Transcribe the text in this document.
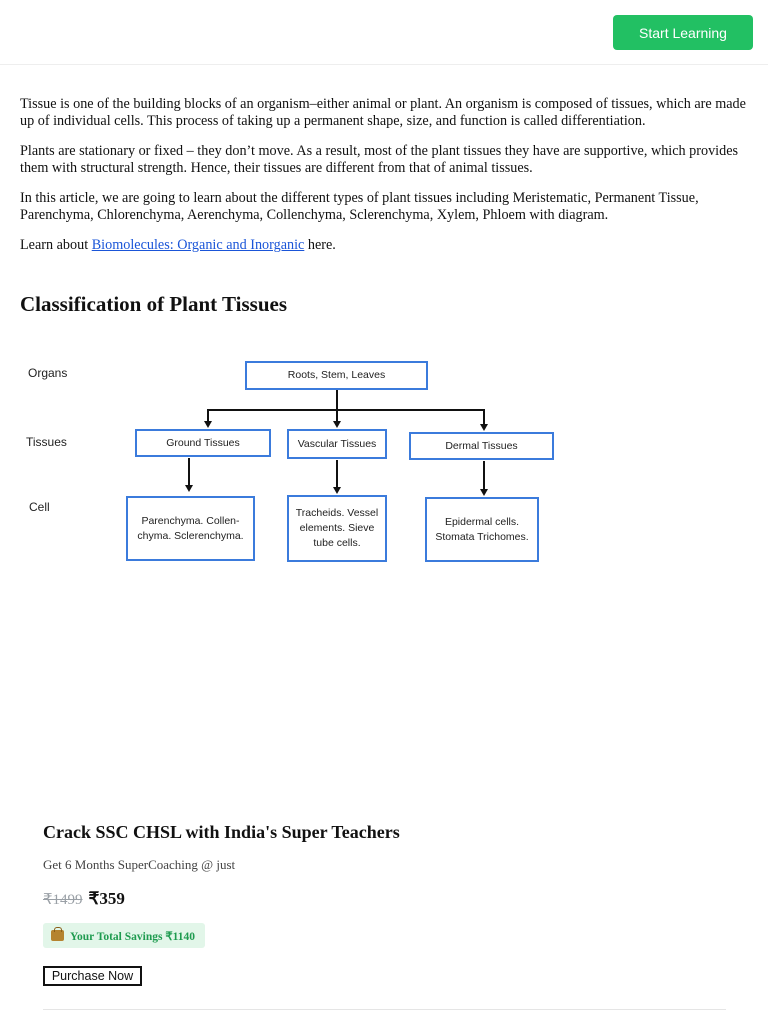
Start Learning

Tissue is one of the building blocks of an organism–either animal or plant. An organism is composed of tissues, which are made up of individual cells. This process of taking up a permanent shape, size, and function is called differentiation.

Plants are stationary or fixed – they don’t move. As a result, most of the plant tissues they have are supportive, which provides them with structural strength. Hence, their tissues are different from that of animal tissues.

In this article, we are going to learn about the different types of plant tissues including Meristematic, Permanent Tissue, Parenchyma, Chlorenchyma, Aerenchyma, Collenchyma, Sclerenchyma, Xylem, Phloem with diagram.

Learn about Biomolecules: Organic and Inorganic here.

Classification of Plant Tissues
Organs
Tissues
Cell
Roots, Stem, Leaves
Ground Tissues	Vascular Tissues	Dermal Tissues
Parenchyma. Collen-chyma. Sclerenchyma.
Tracheids. Vessel elements. Sieve tube cells.
Epidermal cells. Stomata Trichomes.
Crack SSC CHSL with India's Super Teachers
Get 6 Months SuperCoaching @ just
₹1499 ₹359
Your Total Savings ₹1140
Purchase Now
